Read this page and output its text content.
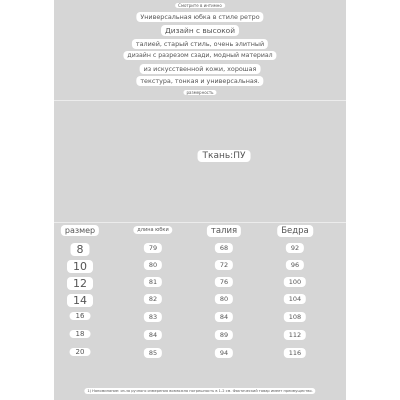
Смотрите в интимно
Универсальная юбка в стиле ретро
Дизайн с высокой
талией, старый стиль, очень элитный
дизайн с разрезом сзади, модный материал
из искусственной кожи, хорошая
текстура, тонкая и универсальная.
размерность
Ткань:ПУ
размер	длина юбки	талия	Бедра
8	79	68	92
10	80	72	96
12	81	76	100
14	82	80	104
16	83	84	108
18	84	89	112
20	85	94	116
1) Напоминание: из-за ручного измерения возможна погрешность в 1-2 см. Фактический товар имеет преимущество.
